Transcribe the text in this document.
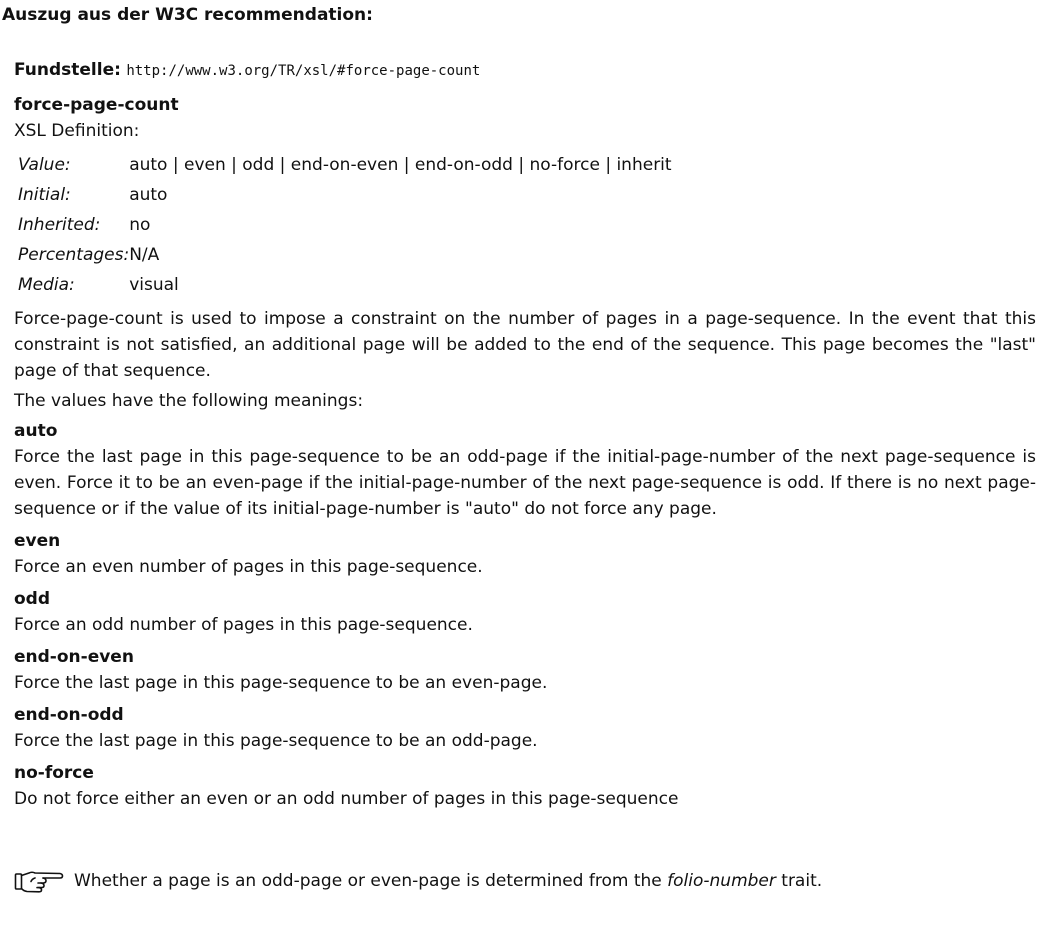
Auszug aus der W3C recommendation:
Fundstelle: http://www.w3.org/TR/xsl/#force-page-count
force-page-count
XSL Definition:
Value:	auto | even | odd | end-on-even | end-on-odd | no-force | inherit
Initial:	auto
Inherited:	no
Percentages:	N/A
Media:	visual

Force-page-count is used to impose a constraint on the number of pages in a page-sequence. In the event that this constraint is not satisfied, an additional page will be added to the end of the sequence. This page becomes the "last" page of that sequence.

The values have the following meanings:

auto
Force the last page in this page-sequence to be an odd-page if the initial-page-number of the next page-sequence is even. Force it to be an even-page if the initial-page-number of the next page-sequence is odd. If there is no next page-sequence or if the value of its initial-page-number is "auto" do not force any page.
even
Force an even number of pages in this page-sequence.
odd
Force an odd number of pages in this page-sequence.
end-on-even
Force the last page in this page-sequence to be an even-page.
end-on-odd
Force the last page in this page-sequence to be an odd-page.
no-force
Do not force either an even or an odd number of pages in this page-sequence
Whether a page is an odd-page or even-page is determined from the folio-number trait.
